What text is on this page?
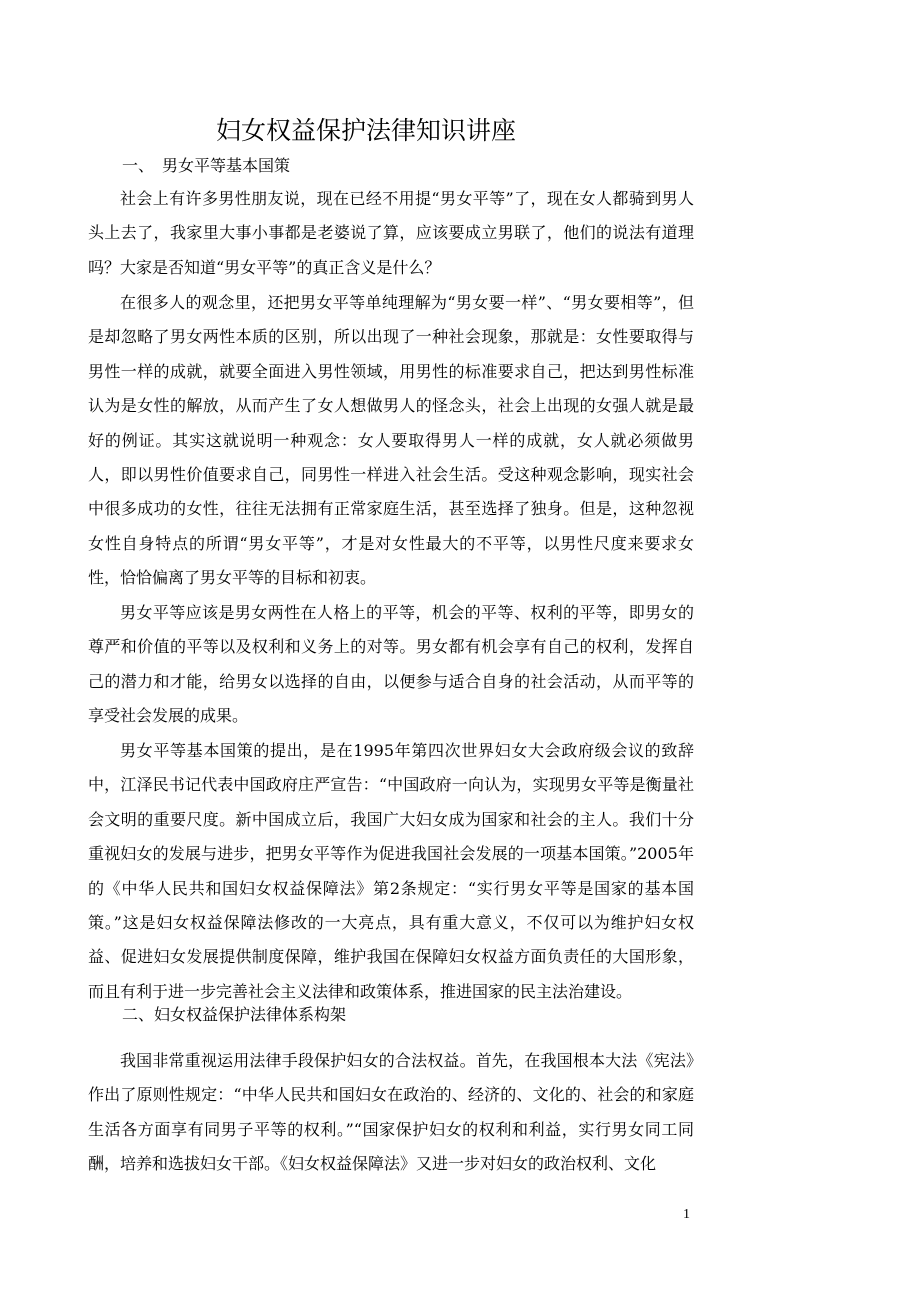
妇女权益保护法律知识讲座
一、　男女平等基本国策

社会上有许多男性朋友说，现在已经不用提“男女平等”了，现在女人都骑到男人头上去了，我家里大事小事都是老婆说了算，应该要成立男联了，他们的说法有道理吗？大家是否知道“男女平等”的真正含义是什么？

在很多人的观念里，还把男女平等单纯理解为“男女要一样”、“男女要相等”，但是却忽略了男女两性本质的区别，所以出现了一种社会现象，那就是：女性要取得与男性一样的成就，就要全面进入男性领域，用男性的标准要求自己，把达到男性标准认为是女性的解放，从而产生了女人想做男人的怪念头，社会上出现的女强人就是最好的例证。其实这就说明一种观念：女人要取得男人一样的成就，女人就必须做男人，即以男性价值要求自己，同男性一样进入社会生活。受这种观念影响，现实社会中很多成功的女性，往往无法拥有正常家庭生活，甚至选择了独身。但是，这种忽视女性自身特点的所谓“男女平等”，才是对女性最大的不平等，以男性尺度来要求女性，恰恰偏离了男女平等的目标和初衷。

男女平等应该是男女两性在人格上的平等，机会的平等、权利的平等，即男女的尊严和价值的平等以及权利和义务上的对等。男女都有机会享有自己的权利，发挥自己的潜力和才能，给男女以选择的自由，以便参与适合自身的社会活动，从而平等的享受社会发展的成果。

男女平等基本国策的提出，是在1995年第四次世界妇女大会政府级会议的致辞中，江泽民书记代表中国政府庄严宣告：“中国政府一向认为，实现男女平等是衡量社会文明的重要尺度。新中国成立后，我国广大妇女成为国家和社会的主人。我们十分重视妇女的发展与进步，把男女平等作为促进我国社会发展的一项基本国策。”2005年的《中华人民共和国妇女权益保障法》第2条规定：“实行男女平等是国家的基本国策。”这是妇女权益保障法修改的一大亮点，具有重大意义，不仅可以为维护妇女权益、促进妇女发展提供制度保障，维护我国在保障妇女权益方面负责任的大国形象，而且有利于进一步完善社会主义法律和政策体系，推进国家的民主法治建设。

二、妇女权益保护法律体系构架

我国非常重视运用法律手段保护妇女的合法权益。首先，在我国根本大法《宪法》作出了原则性规定：“中华人民共和国妇女在政治的、经济的、文化的、社会的和家庭生活各方面享有同男子平等的权利。”“国家保护妇女的权利和利益，实行男女同工同酬，培养和选拔妇女干部。《妇女权益保障法》又进一步对妇女的政治权利、文化

1
